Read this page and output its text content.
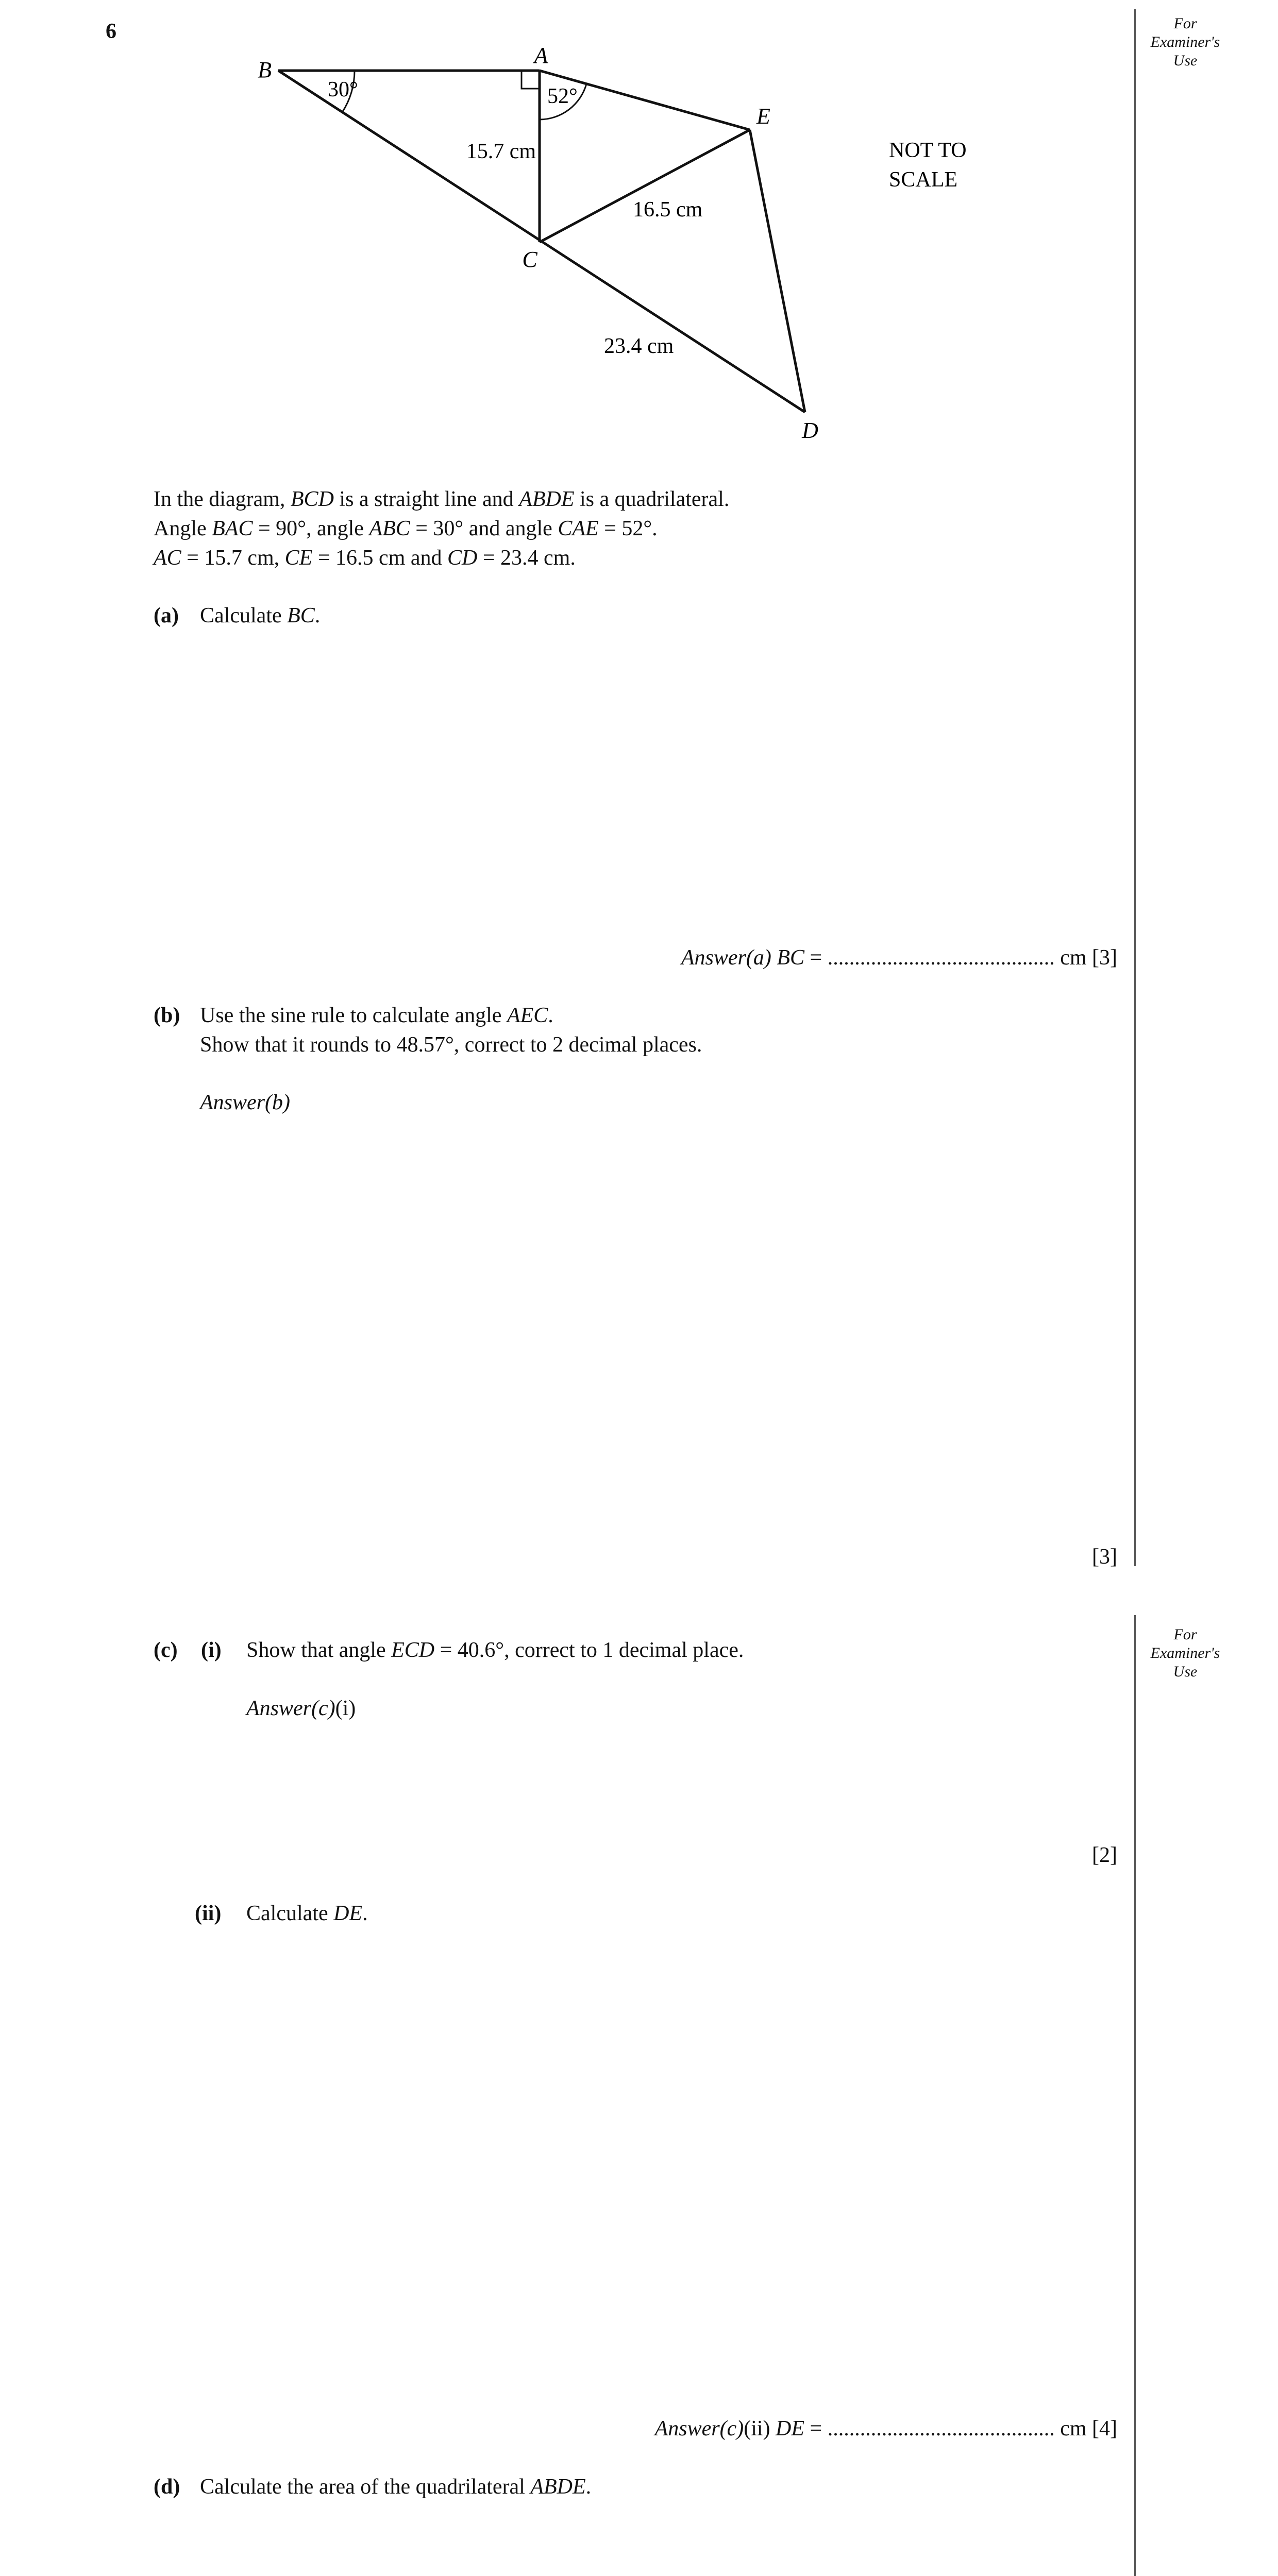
6	For
Examiner's
Use
For
Examiner's
Use
B
A
E
C
D
30°	52°
15.7 cm
16.5 cm
23.4 cm
NOT TO
SCALE
In the diagram, BCD is a straight line and ABDE is a quadrilateral.
Angle BAC = 90°, angle ABC = 30° and angle CAE = 52°.
AC = 15.7 cm, CE = 16.5 cm and CD = 23.4 cm.
(a) Calculate BC.
Answer(a) BC = .......................................... cm [3]
(b) Use the sine rule to calculate angle AEC.
Show that it rounds to 48.57°, correct to 2 decimal places.
Answer(b)
[3]
(c) (i) Show that angle ECD = 40.6°, correct to 1 decimal place.
Answer(c)(i)
[2]
(ii) Calculate DE.
Answer(c)(ii) DE = .......................................... cm [4]
(d) Calculate the area of the quadrilateral ABDE.
